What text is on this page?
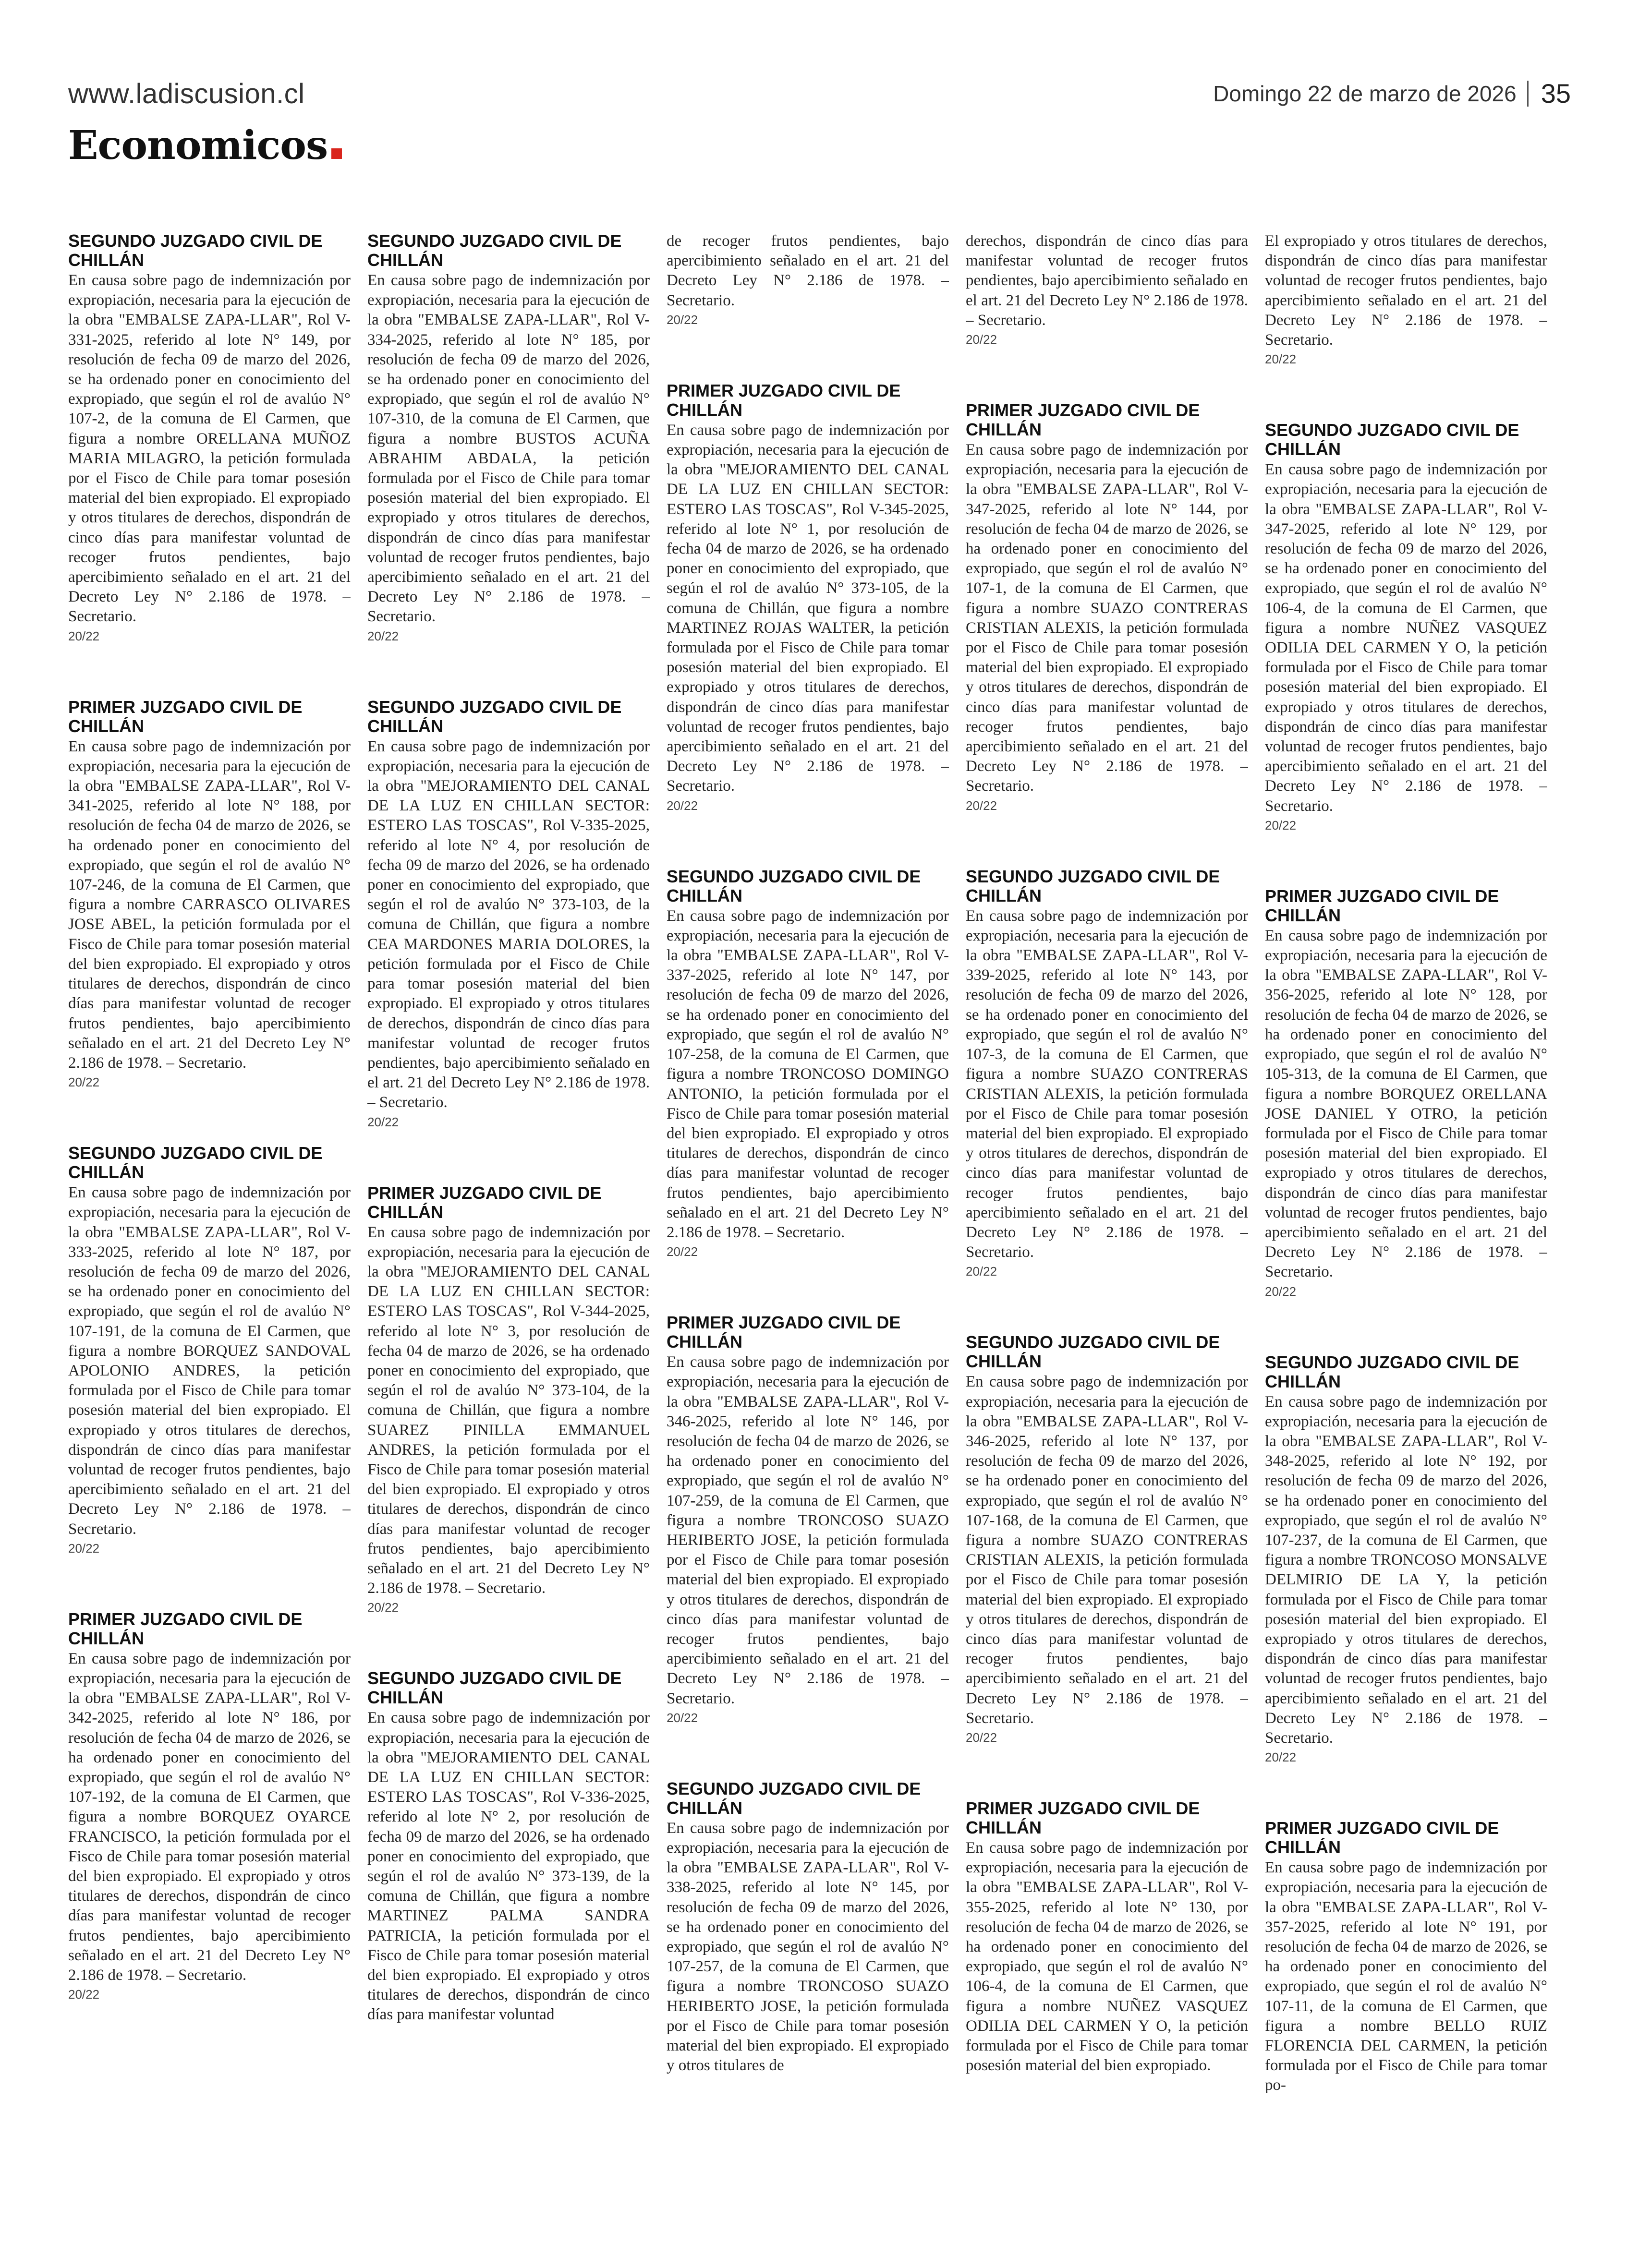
www.ladiscusion.cl	Domingo 22 de marzo de 2026 35
Economicos
SEGUNDO JUZGADO CIVIL DE CHILLÁN

En causa sobre pago de indemnización por expropiación, necesaria para la ejecución de la obra "EMBALSE ZAPA-LLAR", Rol V-331-2025, referido al lote N° 149, por resolución de fecha 09 de marzo del 2026, se ha ordenado poner en conocimiento del expropiado, que según el rol de avalúo N° 107-2, de la comuna de El Carmen, que figura a nombre ORELLANA MUÑOZ MARIA MILAGRO, la petición formulada por el Fisco de Chile para tomar posesión material del bien expropiado. El expropiado y otros titulares de derechos, dispondrán de cinco días para manifestar voluntad de recoger frutos pendientes, bajo apercibimiento señalado en el art. 21 del Decreto Ley N° 2.186 de 1978. – Secretario.

20/22
PRIMER JUZGADO CIVIL DE CHILLÁN

En causa sobre pago de indemnización por expropiación, necesaria para la ejecución de la obra "EMBALSE ZAPA-LLAR", Rol V-341-2025, referido al lote N° 188, por resolución de fecha 04 de marzo de 2026, se ha ordenado poner en conocimiento del expropiado, que según el rol de avalúo N° 107-246, de la comuna de El Carmen, que figura a nombre CARRASCO OLIVARES JOSE ABEL, la petición formulada por el Fisco de Chile para tomar posesión material del bien expropiado. El expropiado y otros titulares de derechos, dispondrán de cinco días para manifestar voluntad de recoger frutos pendientes, bajo apercibimiento señalado en el art. 21 del Decreto Ley N° 2.186 de 1978. – Secretario.

20/22
SEGUNDO JUZGADO CIVIL DE CHILLÁN

En causa sobre pago de indemnización por expropiación, necesaria para la ejecución de la obra "EMBALSE ZAPA-LLAR", Rol V-333-2025, referido al lote N° 187, por resolución de fecha 09 de marzo del 2026, se ha ordenado poner en conocimiento del expropiado, que según el rol de avalúo N° 107-191, de la comuna de El Carmen, que figura a nombre BORQUEZ SANDOVAL APOLONIO ANDRES, la petición formulada por el Fisco de Chile para tomar posesión material del bien expropiado. El expropiado y otros titulares de derechos, dispondrán de cinco días para manifestar voluntad de recoger frutos pendientes, bajo apercibimiento señalado en el art. 21 del Decreto Ley N° 2.186 de 1978. – Secretario.

20/22
PRIMER JUZGADO CIVIL DE CHILLÁN

En causa sobre pago de indemnización por expropiación, necesaria para la ejecución de la obra "EMBALSE ZAPA-LLAR", Rol V-342-2025, referido al lote N° 186, por resolución de fecha 04 de marzo de 2026, se ha ordenado poner en conocimiento del expropiado, que según el rol de avalúo N° 107-192, de la comuna de El Carmen, que figura a nombre BORQUEZ OYARCE FRANCISCO, la petición formulada por el Fisco de Chile para tomar posesión material del bien expropiado. El expropiado y otros titulares de derechos, dispondrán de cinco días para manifestar voluntad de recoger frutos pendientes, bajo apercibimiento señalado en el art. 21 del Decreto Ley N° 2.186 de 1978. – Secretario.

20/22
SEGUNDO JUZGADO CIVIL DE CHILLÁN

En causa sobre pago de indemnización por expropiación, necesaria para la ejecución de la obra "EMBALSE ZAPA-LLAR", Rol V-334-2025, referido al lote N° 185, por resolución de fecha 09 de marzo del 2026, se ha ordenado poner en conocimiento del expropiado, que según el rol de avalúo N° 107-310, de la comuna de El Carmen, que figura a nombre BUSTOS ACUÑA ABRAHIM ABDALA, la petición formulada por el Fisco de Chile para tomar posesión material del bien expropiado. El expropiado y otros titulares de derechos, dispondrán de cinco días para manifestar voluntad de recoger frutos pendientes, bajo apercibimiento señalado en el art. 21 del Decreto Ley N° 2.186 de 1978. – Secretario.

20/22
SEGUNDO JUZGADO CIVIL DE CHILLÁN

En causa sobre pago de indemnización por expropiación, necesaria para la ejecución de la obra "MEJORAMIENTO DEL CANAL DE LA LUZ EN CHILLAN SECTOR: ESTERO LAS TOSCAS", Rol V-335-2025, referido al lote N° 4, por resolución de fecha 09 de marzo del 2026, se ha ordenado poner en conocimiento del expropiado, que según el rol de avalúo N° 373-103, de la comuna de Chillán, que figura a nombre CEA MARDONES MARIA DOLORES, la petición formulada por el Fisco de Chile para tomar posesión material del bien expropiado. El expropiado y otros titulares de derechos, dispondrán de cinco días para manifestar voluntad de recoger frutos pendientes, bajo apercibimiento señalado en el art. 21 del Decreto Ley N° 2.186 de 1978. – Secretario.

20/22
PRIMER JUZGADO CIVIL DE CHILLÁN

En causa sobre pago de indemnización por expropiación, necesaria para la ejecución de la obra "MEJORAMIENTO DEL CANAL DE LA LUZ EN CHILLAN SECTOR: ESTERO LAS TOSCAS", Rol V-344-2025, referido al lote N° 3, por resolución de fecha 04 de marzo de 2026, se ha ordenado poner en conocimiento del expropiado, que según el rol de avalúo N° 373-104, de la comuna de Chillán, que figura a nombre SUAREZ PINILLA EMMANUEL ANDRES, la petición formulada por el Fisco de Chile para tomar posesión material del bien expropiado. El expropiado y otros titulares de derechos, dispondrán de cinco días para manifestar voluntad de recoger frutos pendientes, bajo apercibimiento señalado en el art. 21 del Decreto Ley N° 2.186 de 1978. – Secretario.

20/22
SEGUNDO JUZGADO CIVIL DE CHILLÁN

En causa sobre pago de indemnización por expropiación, necesaria para la ejecución de la obra "MEJORAMIENTO DEL CANAL DE LA LUZ EN CHILLAN SECTOR: ESTERO LAS TOSCAS", Rol V-336-2025, referido al lote N° 2, por resolución de fecha 09 de marzo del 2026, se ha ordenado poner en conocimiento del expropiado, que según el rol de avalúo N° 373-139, de la comuna de Chillán, que figura a nombre MARTINEZ PALMA SANDRA PATRICIA, la petición formulada por el Fisco de Chile para tomar posesión material del bien expropiado. El expropiado y otros titulares de derechos, dispondrán de cinco días para manifestar voluntad

de recoger frutos pendientes, bajo apercibimiento señalado en el art. 21 del Decreto Ley N° 2.186 de 1978. – Secretario.

20/22
PRIMER JUZGADO CIVIL DE CHILLÁN

En causa sobre pago de indemnización por expropiación, necesaria para la ejecución de la obra "MEJORAMIENTO DEL CANAL DE LA LUZ EN CHILLAN SECTOR: ESTERO LAS TOSCAS", Rol V-345-2025, referido al lote N° 1, por resolución de fecha 04 de marzo de 2026, se ha ordenado poner en conocimiento del expropiado, que según el rol de avalúo N° 373-105, de la comuna de Chillán, que figura a nombre MARTINEZ ROJAS WALTER, la petición formulada por el Fisco de Chile para tomar posesión material del bien expropiado. El expropiado y otros titulares de derechos, dispondrán de cinco días para manifestar voluntad de recoger frutos pendientes, bajo apercibimiento señalado en el art. 21 del Decreto Ley N° 2.186 de 1978. – Secretario.

20/22
SEGUNDO JUZGADO CIVIL DE CHILLÁN

En causa sobre pago de indemnización por expropiación, necesaria para la ejecución de la obra "EMBALSE ZAPA-LLAR", Rol V-337-2025, referido al lote N° 147, por resolución de fecha 09 de marzo del 2026, se ha ordenado poner en conocimiento del expropiado, que según el rol de avalúo N° 107-258, de la comuna de El Carmen, que figura a nombre TRONCOSO DOMINGO ANTONIO, la petición formulada por el Fisco de Chile para tomar posesión material del bien expropiado. El expropiado y otros titulares de derechos, dispondrán de cinco días para manifestar voluntad de recoger frutos pendientes, bajo apercibimiento señalado en el art. 21 del Decreto Ley N° 2.186 de 1978. – Secretario.

20/22
PRIMER JUZGADO CIVIL DE CHILLÁN

En causa sobre pago de indemnización por expropiación, necesaria para la ejecución de la obra "EMBALSE ZAPA-LLAR", Rol V-346-2025, referido al lote N° 146, por resolución de fecha 04 de marzo de 2026, se ha ordenado poner en conocimiento del expropiado, que según el rol de avalúo N° 107-259, de la comuna de El Carmen, que figura a nombre TRONCOSO SUAZO HERIBERTO JOSE, la petición formulada por el Fisco de Chile para tomar posesión material del bien expropiado. El expropiado y otros titulares de derechos, dispondrán de cinco días para manifestar voluntad de recoger frutos pendientes, bajo apercibimiento señalado en el art. 21 del Decreto Ley N° 2.186 de 1978. – Secretario.

20/22
SEGUNDO JUZGADO CIVIL DE CHILLÁN

En causa sobre pago de indemnización por expropiación, necesaria para la ejecución de la obra "EMBALSE ZAPA-LLAR", Rol V-338-2025, referido al lote N° 145, por resolución de fecha 09 de marzo del 2026, se ha ordenado poner en conocimiento del expropiado, que según el rol de avalúo N° 107-257, de la comuna de El Carmen, que figura a nombre TRONCOSO SUAZO HERIBERTO JOSE, la petición formulada por el Fisco de Chile para tomar posesión material del bien expropiado. El expropiado y otros titulares de

derechos, dispondrán de cinco días para manifestar voluntad de recoger frutos pendientes, bajo apercibimiento señalado en el art. 21 del Decreto Ley N° 2.186 de 1978. – Secretario.

20/22
PRIMER JUZGADO CIVIL DE CHILLÁN

En causa sobre pago de indemnización por expropiación, necesaria para la ejecución de la obra "EMBALSE ZAPA-LLAR", Rol V-347-2025, referido al lote N° 144, por resolución de fecha 04 de marzo de 2026, se ha ordenado poner en conocimiento del expropiado, que según el rol de avalúo N° 107-1, de la comuna de El Carmen, que figura a nombre SUAZO CONTRERAS CRISTIAN ALEXIS, la petición formulada por el Fisco de Chile para tomar posesión material del bien expropiado. El expropiado y otros titulares de derechos, dispondrán de cinco días para manifestar voluntad de recoger frutos pendientes, bajo apercibimiento señalado en el art. 21 del Decreto Ley N° 2.186 de 1978. – Secretario.

20/22
SEGUNDO JUZGADO CIVIL DE CHILLÁN

En causa sobre pago de indemnización por expropiación, necesaria para la ejecución de la obra "EMBALSE ZAPA-LLAR", Rol V-339-2025, referido al lote N° 143, por resolución de fecha 09 de marzo del 2026, se ha ordenado poner en conocimiento del expropiado, que según el rol de avalúo N° 107-3, de la comuna de El Carmen, que figura a nombre SUAZO CONTRERAS CRISTIAN ALEXIS, la petición formulada por el Fisco de Chile para tomar posesión material del bien expropiado. El expropiado y otros titulares de derechos, dispondrán de cinco días para manifestar voluntad de recoger frutos pendientes, bajo apercibimiento señalado en el art. 21 del Decreto Ley N° 2.186 de 1978. – Secretario.

20/22
SEGUNDO JUZGADO CIVIL DE CHILLÁN

En causa sobre pago de indemnización por expropiación, necesaria para la ejecución de la obra "EMBALSE ZAPA-LLAR", Rol V-346-2025, referido al lote N° 137, por resolución de fecha 09 de marzo del 2026, se ha ordenado poner en conocimiento del expropiado, que según el rol de avalúo N° 107-168, de la comuna de El Carmen, que figura a nombre SUAZO CONTRERAS CRISTIAN ALEXIS, la petición formulada por el Fisco de Chile para tomar posesión material del bien expropiado. El expropiado y otros titulares de derechos, dispondrán de cinco días para manifestar voluntad de recoger frutos pendientes, bajo apercibimiento señalado en el art. 21 del Decreto Ley N° 2.186 de 1978. – Secretario.

20/22
PRIMER JUZGADO CIVIL DE CHILLÁN

En causa sobre pago de indemnización por expropiación, necesaria para la ejecución de la obra "EMBALSE ZAPA-LLAR", Rol V-355-2025, referido al lote N° 130, por resolución de fecha 04 de marzo de 2026, se ha ordenado poner en conocimiento del expropiado, que según el rol de avalúo N° 106-4, de la comuna de El Carmen, que figura a nombre NUÑEZ VASQUEZ ODILIA DEL CARMEN Y O, la petición formulada por el Fisco de Chile para tomar posesión material del bien expropiado.

El expropiado y otros titulares de derechos, dispondrán de cinco días para manifestar voluntad de recoger frutos pendientes, bajo apercibimiento señalado en el art. 21 del Decreto Ley N° 2.186 de 1978. – Secretario.

20/22
SEGUNDO JUZGADO CIVIL DE CHILLÁN

En causa sobre pago de indemnización por expropiación, necesaria para la ejecución de la obra "EMBALSE ZAPA-LLAR", Rol V-347-2025, referido al lote N° 129, por resolución de fecha 09 de marzo del 2026, se ha ordenado poner en conocimiento del expropiado, que según el rol de avalúo N° 106-4, de la comuna de El Carmen, que figura a nombre NUÑEZ VASQUEZ ODILIA DEL CARMEN Y O, la petición formulada por el Fisco de Chile para tomar posesión material del bien expropiado. El expropiado y otros titulares de derechos, dispondrán de cinco días para manifestar voluntad de recoger frutos pendientes, bajo apercibimiento señalado en el art. 21 del Decreto Ley N° 2.186 de 1978. – Secretario.

20/22
PRIMER JUZGADO CIVIL DE CHILLÁN

En causa sobre pago de indemnización por expropiación, necesaria para la ejecución de la obra "EMBALSE ZAPA-LLAR", Rol V-356-2025, referido al lote N° 128, por resolución de fecha 04 de marzo de 2026, se ha ordenado poner en conocimiento del expropiado, que según el rol de avalúo N° 105-313, de la comuna de El Carmen, que figura a nombre BORQUEZ ORELLANA JOSE DANIEL Y OTRO, la petición formulada por el Fisco de Chile para tomar posesión material del bien expropiado. El expropiado y otros titulares de derechos, dispondrán de cinco días para manifestar voluntad de recoger frutos pendientes, bajo apercibimiento señalado en el art. 21 del Decreto Ley N° 2.186 de 1978. – Secretario.

20/22
SEGUNDO JUZGADO CIVIL DE CHILLÁN

En causa sobre pago de indemnización por expropiación, necesaria para la ejecución de la obra "EMBALSE ZAPA-LLAR", Rol V-348-2025, referido al lote N° 192, por resolución de fecha 09 de marzo del 2026, se ha ordenado poner en conocimiento del expropiado, que según el rol de avalúo N° 107-237, de la comuna de El Carmen, que figura a nombre TRONCOSO MONSALVE DELMIRIO DE LA Y, la petición formulada por el Fisco de Chile para tomar posesión material del bien expropiado. El expropiado y otros titulares de derechos, dispondrán de cinco días para manifestar voluntad de recoger frutos pendientes, bajo apercibimiento señalado en el art. 21 del Decreto Ley N° 2.186 de 1978. – Secretario.

20/22
PRIMER JUZGADO CIVIL DE CHILLÁN

En causa sobre pago de indemnización por expropiación, necesaria para la ejecución de la obra "EMBALSE ZAPA-LLAR", Rol V-357-2025, referido al lote N° 191, por resolución de fecha 04 de marzo de 2026, se ha ordenado poner en conocimiento del expropiado, que según el rol de avalúo N° 107-11, de la comuna de El Carmen, que figura a nombre BELLO RUIZ FLORENCIA DEL CARMEN, la petición formulada por el Fisco de Chile para tomar po-
